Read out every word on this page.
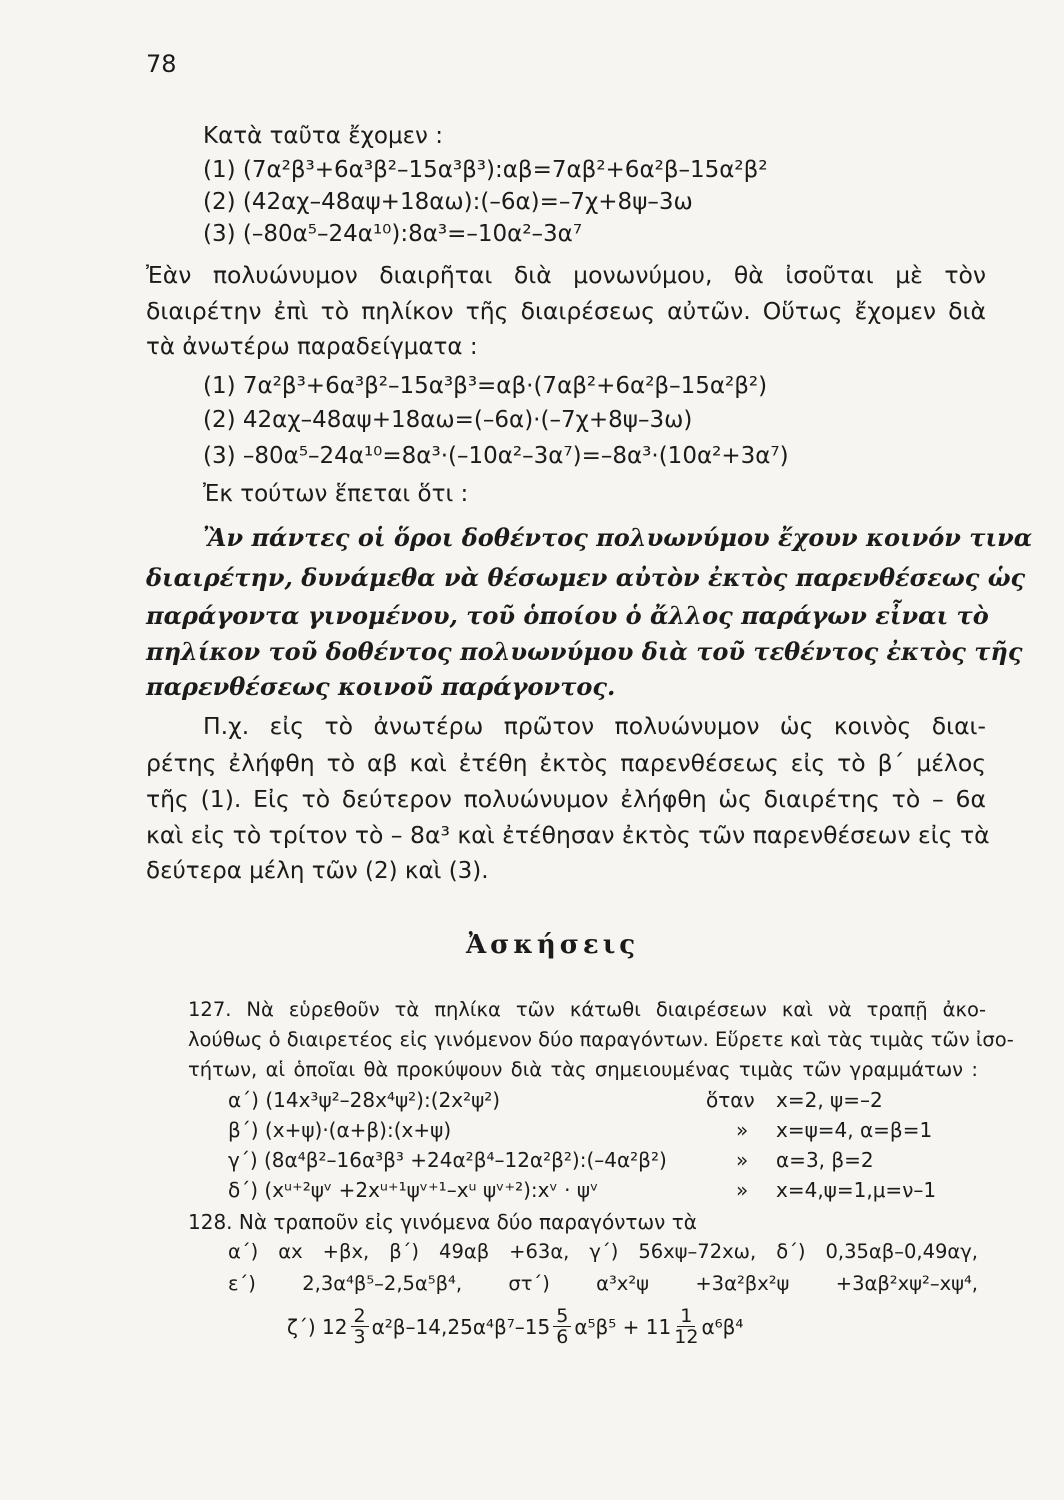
78
Κατὰ ταῦτα ἔχομεν :
(1) (7α²β³+6α³β²–15α³β³):αβ=7αβ²+6α²β–15α²β²
(2) (42αχ–48αψ+18αω):(–6α)=–7χ+8ψ–3ω
(3) (–80α⁵–24α¹⁰):8α³=–10α²–3α⁷
Ἐὰν πολυώνυμον διαιρῆται διὰ μονωνύμου, θὰ ἰσοῦται μὲ τὸν
διαιρέτην ἐπὶ τὸ πηλίκον τῆς διαιρέσεως αὐτῶν. Οὕτως ἔχομεν διὰ
τὰ ἀνωτέρω παραδείγματα :
(1) 7α²β³+6α³β²–15α³β³=αβ·(7αβ²+6α²β–15α²β²)
(2) 42αχ–48αψ+18αω=(–6α)·(–7χ+8ψ–3ω)
(3) –80α⁵–24α¹⁰=8α³·(–10α²–3α⁷)=–8α³·(10α²+3α⁷)
Ἐκ τούτων ἕπεται ὅτι :
Ἂν πάντες οἱ ὅροι δοθέντος πολυωνύμου ἔχουν κοινόν τινα
διαιρέτην, δυνάμεθα νὰ θέσωμεν αὐτὸν ἐκτὸς παρενθέσεως ὡς
παράγοντα γινομένου, τοῦ ὁποίου ὁ ἄλλος παράγων εἶναι τὸ
πηλίκον τοῦ δοθέντος πολυωνύμου διὰ τοῦ τεθέντος ἐκτὸς τῆς
παρενθέσεως κοινοῦ παράγοντος.
Π.χ. εἰς τὸ ἀνωτέρω πρῶτον πολυώνυμον ὡς κοινὸς διαι-
ρέτης ἐλήφθη τὸ αβ καὶ ἐτέθη ἐκτὸς παρενθέσεως εἰς τὸ β΄ μέλος
τῆς (1). Εἰς τὸ δεύτερον πολυώνυμον ἐλήφθη ὡς διαιρέτης τὸ – 6α
καὶ εἰς τὸ τρίτον τὸ – 8α³ καὶ ἐτέθησαν ἐκτὸς τῶν παρενθέσεων εἰς τὰ
δεύτερα μέλη τῶν (2) καὶ (3).
Ἀσκήσεις
127. Νὰ εὑρεθοῦν τὰ πηλίκα τῶν κάτωθι διαιρέσεων καὶ νὰ τραπῇ ἀκο-
λούθως ὁ διαιρετέος εἰς γινόμενον δύο παραγόντων. Εὕρετε καὶ τὰς τιμὰς τῶν ἰσο-
τήτων, αἱ ὁποῖαι θὰ προκύψουν διὰ τὰς σημειουμένας τιμὰς τῶν γραμμάτων :
α΄) (14x³ψ²–28x⁴ψ²):(2x²ψ²)	ὅταν x=2, ψ=–2
β΄) (x+ψ)·(α+β):(x+ψ)	» x=ψ=4, α=β=1
γ΄) (8α⁴β²–16α³β³ +24α²β⁴–12α²β²):(–4α²β²)	» α=3, β=2
δ΄) (xᵘ⁺²ψᵛ +2xᵘ⁺¹ψᵛ⁺¹–xᵘ ψᵛ⁺²):xᵛ · ψᵛ	» x=4,ψ=1,μ=ν–1
128. Νὰ τραποῦν εἰς γινόμενα δύο παραγόντων τὰ
α΄) αx +βx, β΄) 49αβ +63α, γ΄) 56xψ–72xω, δ΄) 0,35αβ–0,49αγ,
ε΄) 2,3α⁴β⁵–2,5α⁵β⁴, στ΄) α³x²ψ +3α²βx²ψ +3αβ²xψ²–xψ⁴,
ζ΄) $12 \frac{2}{3} \alpha^2\beta-14,25\alpha^4\beta^7-15 \frac{5}{6} \alpha^5\beta^5 + 11 \frac{1}{12} \alpha^6\beta^4$
